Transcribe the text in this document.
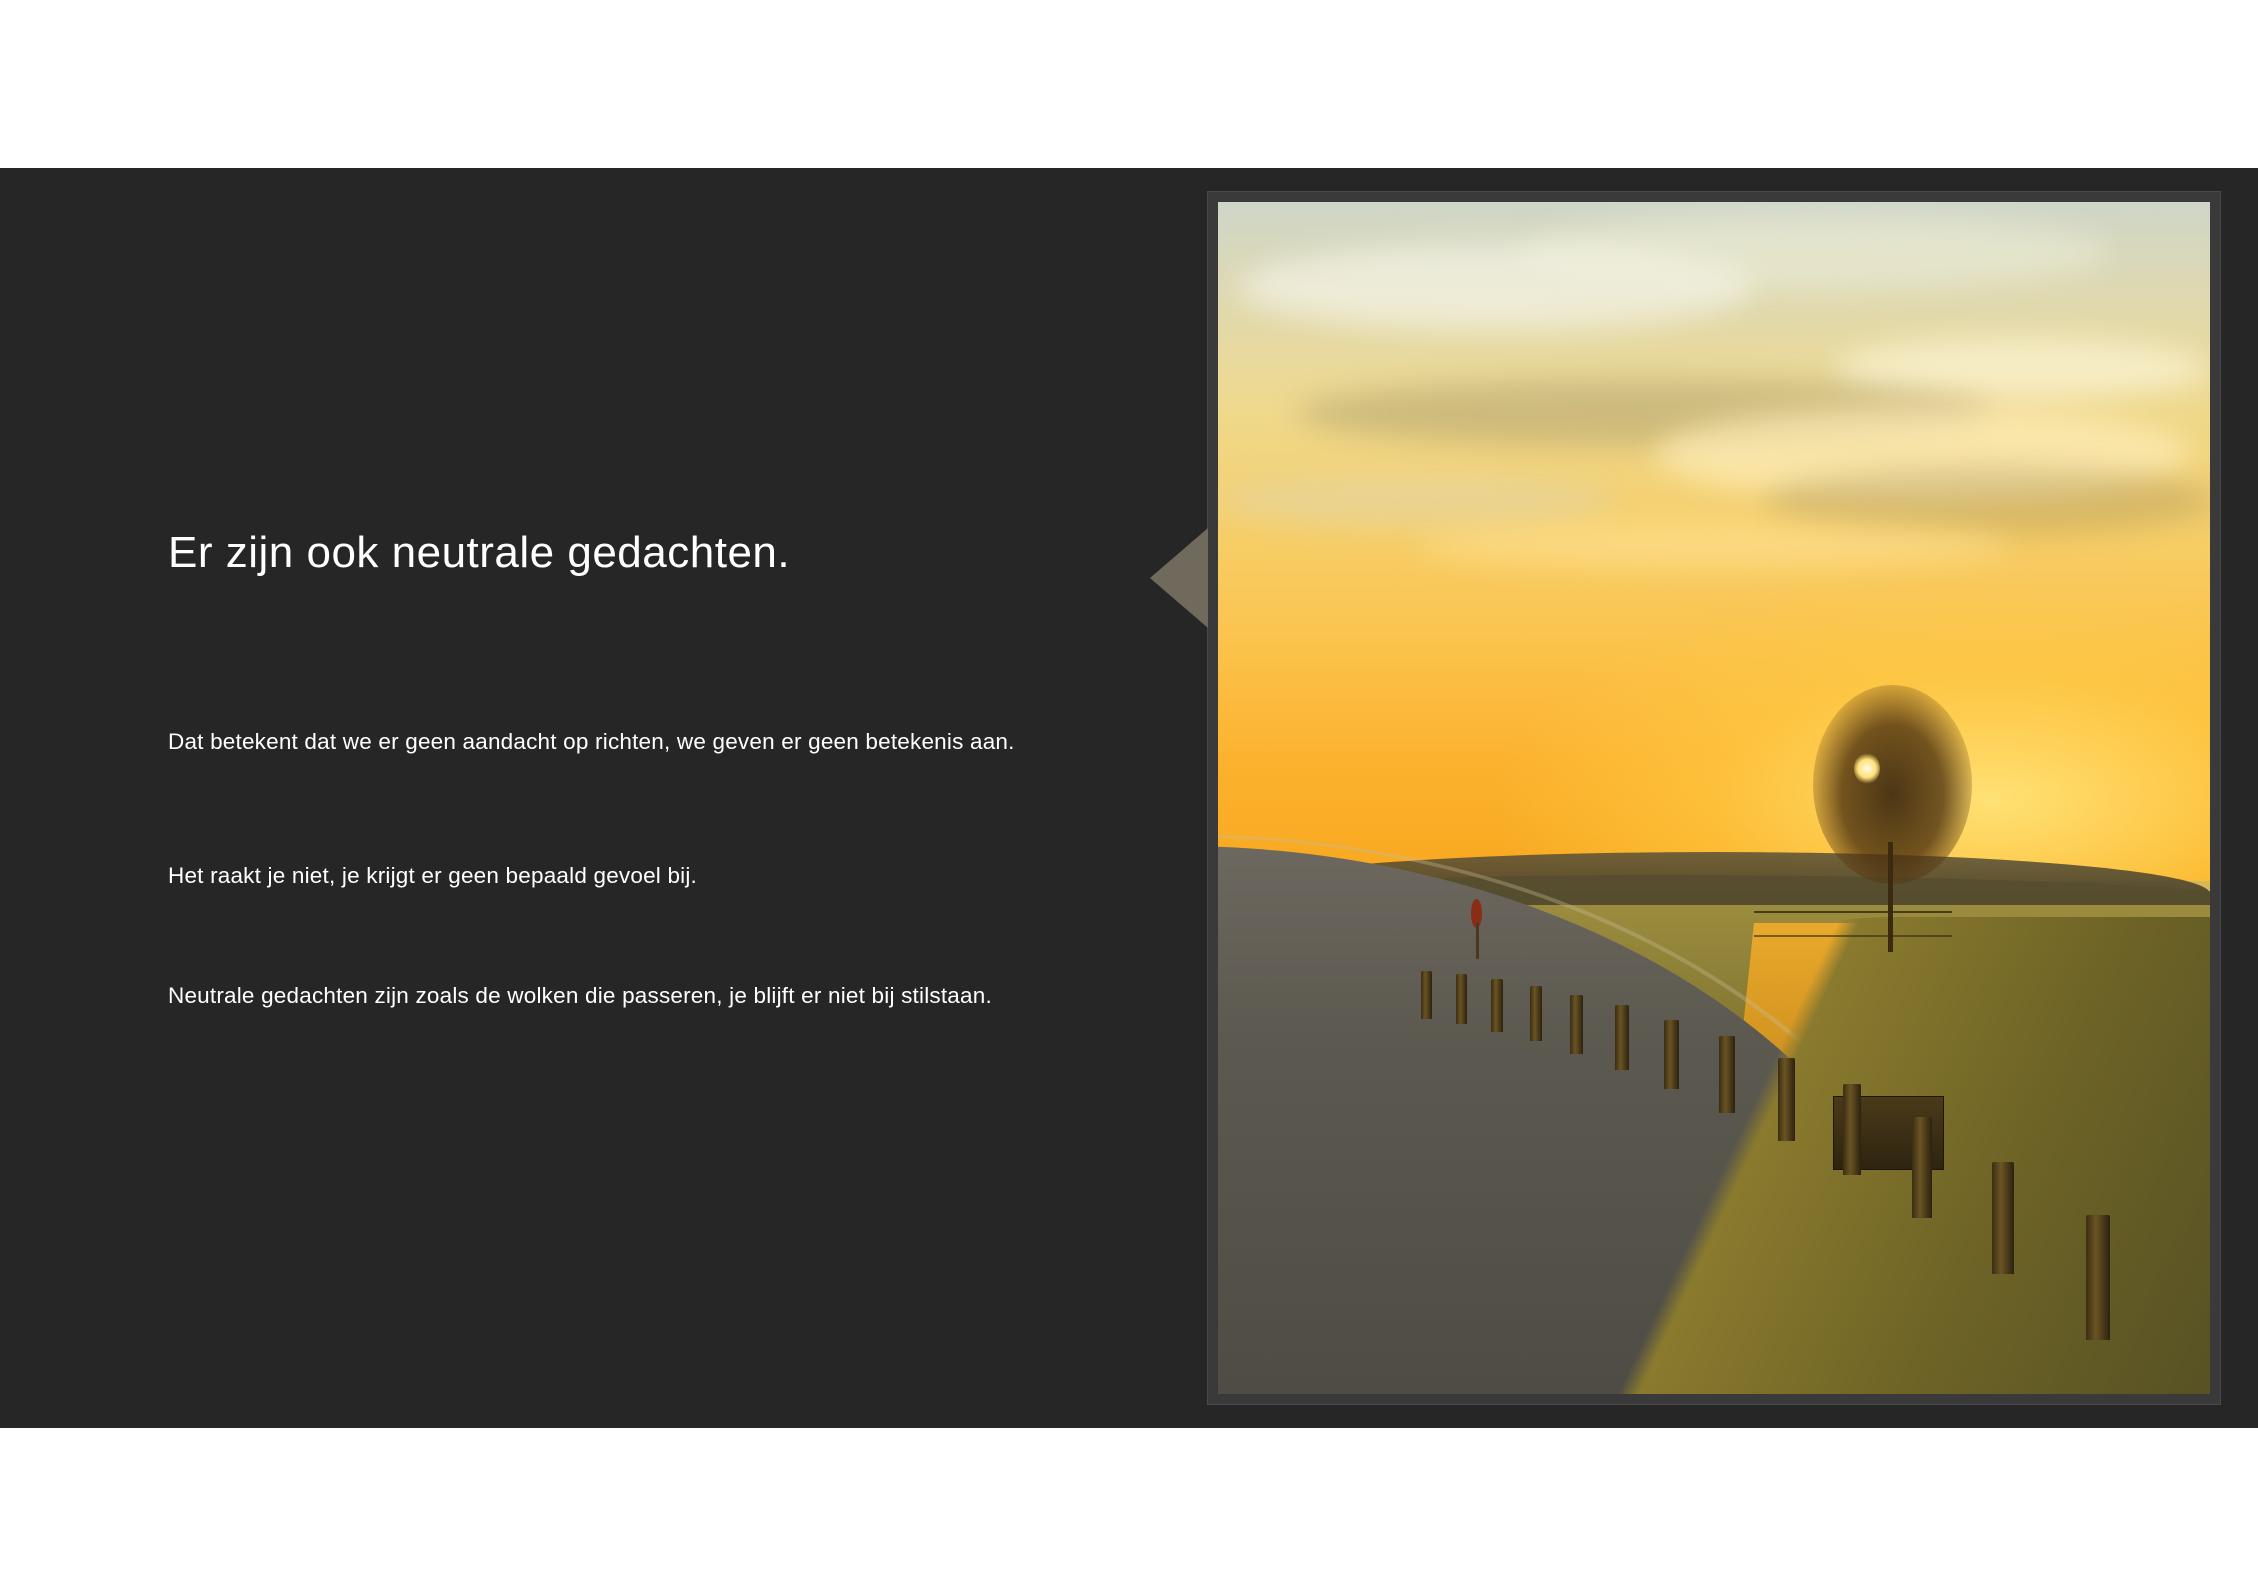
Er zijn ook neutrale gedachten.
Dat betekent dat we er geen aandacht op richten, we geven er geen betekenis aan.
Het raakt je niet, je krijgt er geen bepaald gevoel bij.
Neutrale gedachten zijn zoals de wolken die passeren, je blijft er niet bij stilstaan.
